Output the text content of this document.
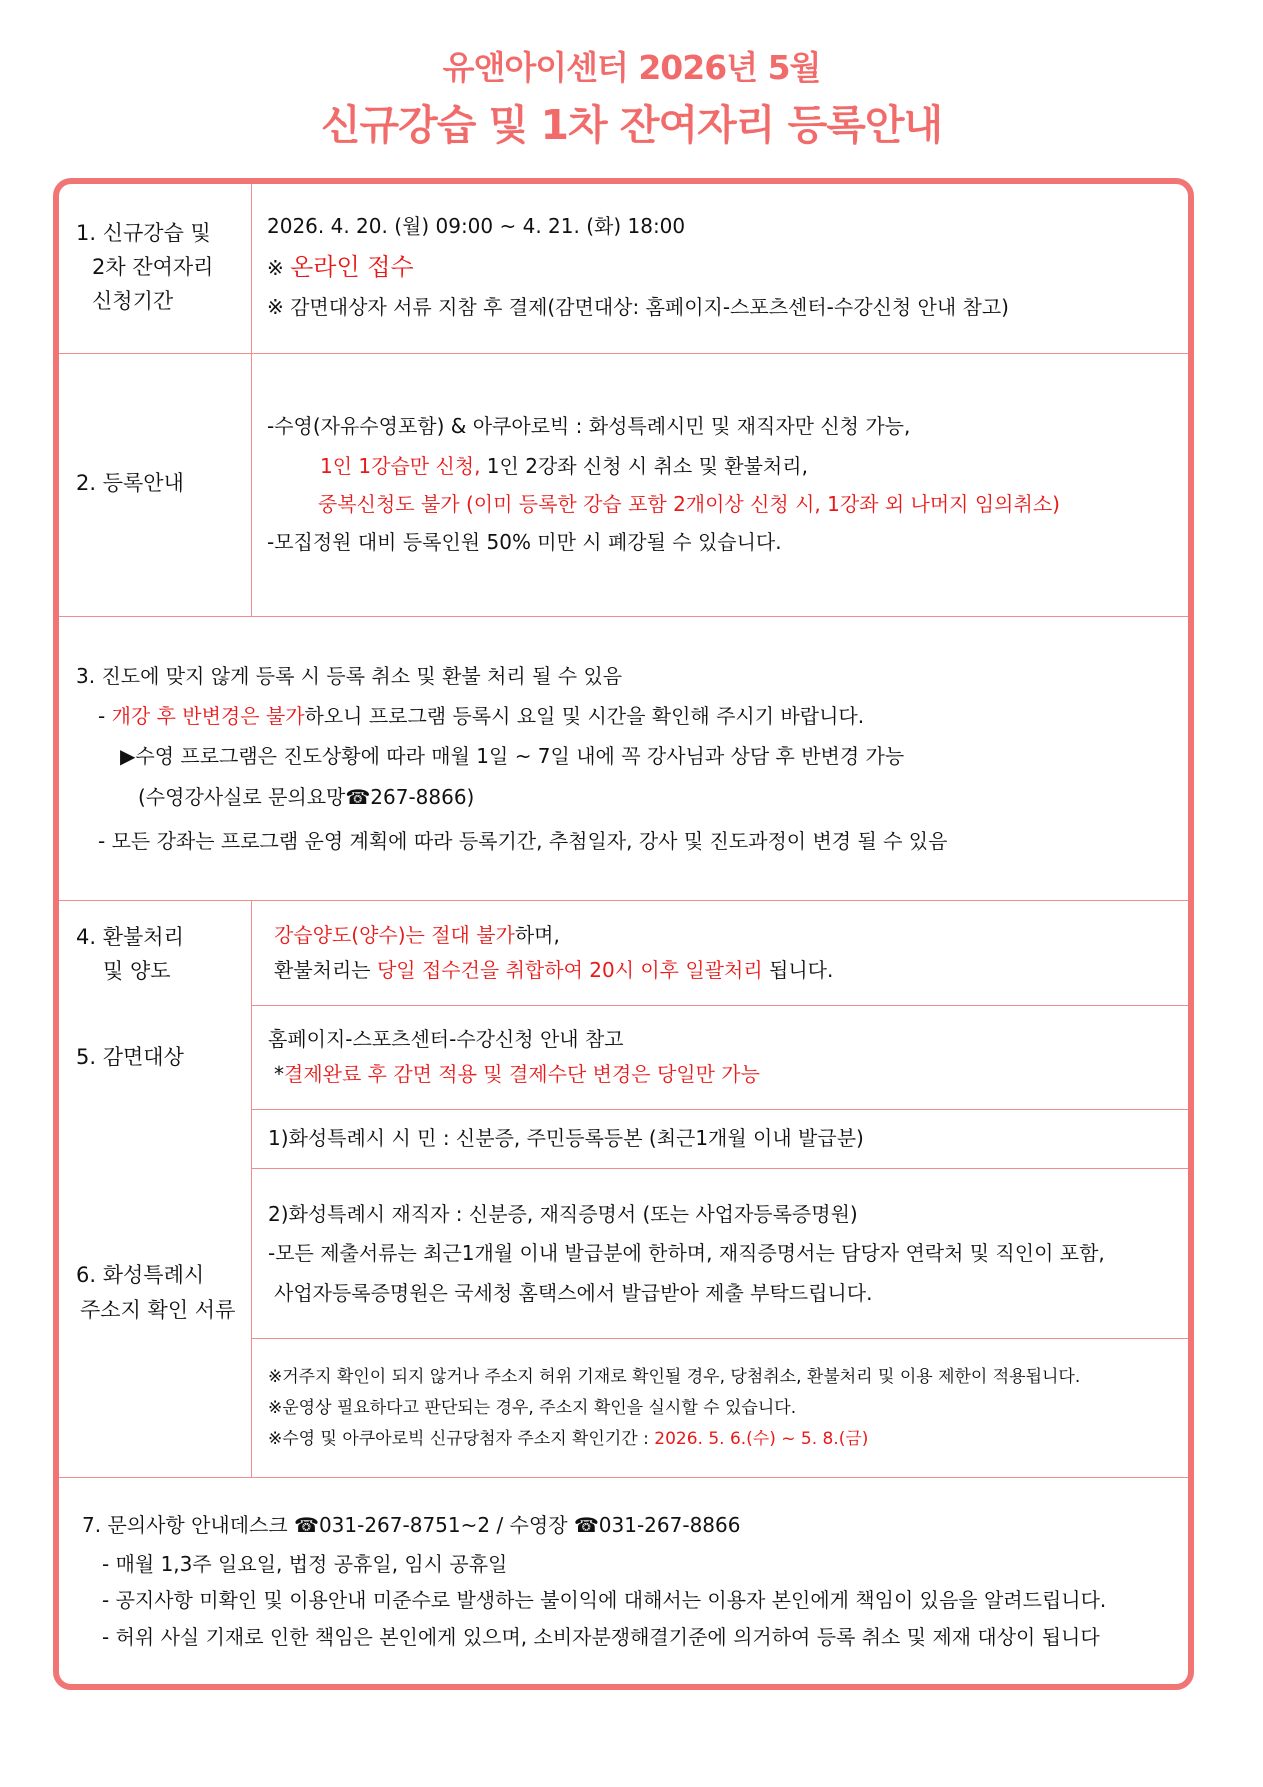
유앤아이센터 2026년 5월
신규강습 및 1차 잔여자리 등록안내
1. 신규강습 및
2차 잔여자리
신청기간
2026. 4. 20. (월) 09:00 ~ 4. 21. (화) 18:00
※ 온라인 접수
※ 감면대상자 서류 지참 후 결제(감면대상: 홈페이지-스포츠센터-수강신청 안내 참고)
2. 등록안내
-수영(자유수영포함) & 아쿠아로빅 : 화성특례시민 및 재직자만 신청 가능,
1인 1강습만 신청, 1인 2강좌 신청 시 취소 및 환불처리,
중복신청도 불가 (이미 등록한 강습 포함 2개이상 신청 시, 1강좌 외 나머지 임의취소)
-모집정원 대비 등록인원 50% 미만 시 폐강될 수 있습니다.
3. 진도에 맞지 않게 등록 시 등록 취소 및 환불 처리 될 수 있음
- 개강 후 반변경은 불가하오니 프로그램 등록시 요일 및 시간을 확인해 주시기 바랍니다.
▶수영 프로그램은 진도상황에 따라 매월 1일 ~ 7일 내에 꼭 강사님과 상담 후 반변경 가능
(수영강사실로 문의요망☎267-8866)
- 모든 강좌는 프로그램 운영 계획에 따라 등록기간, 추첨일자, 강사 및 진도과정이 변경 될 수 있음
4. 환불처리
및 양도
강습양도(양수)는 절대 불가하며,
환불처리는 당일 접수건을 취합하여 20시 이후 일괄처리 됩니다.
5. 감면대상
홈페이지-스포츠센터-수강신청 안내 참고
*결제완료 후 감면 적용 및 결제수단 변경은 당일만 가능
6. 화성특례시
주소지 확인 서류
1)화성특례시 시 민 : 신분증, 주민등록등본 (최근1개월 이내 발급분)
2)화성특례시 재직자 : 신분증, 재직증명서 (또는 사업자등록증명원)
-모든 제출서류는 최근1개월 이내 발급분에 한하며, 재직증명서는 담당자 연락처 및 직인이 포함,
사업자등록증명원은 국세청 홈택스에서 발급받아 제출 부탁드립니다.
※거주지 확인이 되지 않거나 주소지 허위 기재로 확인될 경우, 당첨취소, 환불처리 및 이용 제한이 적용됩니다.
※운영상 필요하다고 판단되는 경우, 주소지 확인을 실시할 수 있습니다.
※수영 및 아쿠아로빅 신규당첨자 주소지 확인기간 : 2026. 5. 6.(수) ~ 5. 8.(금)
7. 문의사항 안내데스크 ☎031-267-8751~2 / 수영장 ☎031-267-8866
- 매월 1,3주 일요일, 법정 공휴일, 임시 공휴일
- 공지사항 미확인 및 이용안내 미준수로 발생하는 불이익에 대해서는 이용자 본인에게 책임이 있음을 알려드립니다.
- 허위 사실 기재로 인한 책임은 본인에게 있으며, 소비자분쟁해결기준에 의거하여 등록 취소 및 제재 대상이 됩니다
